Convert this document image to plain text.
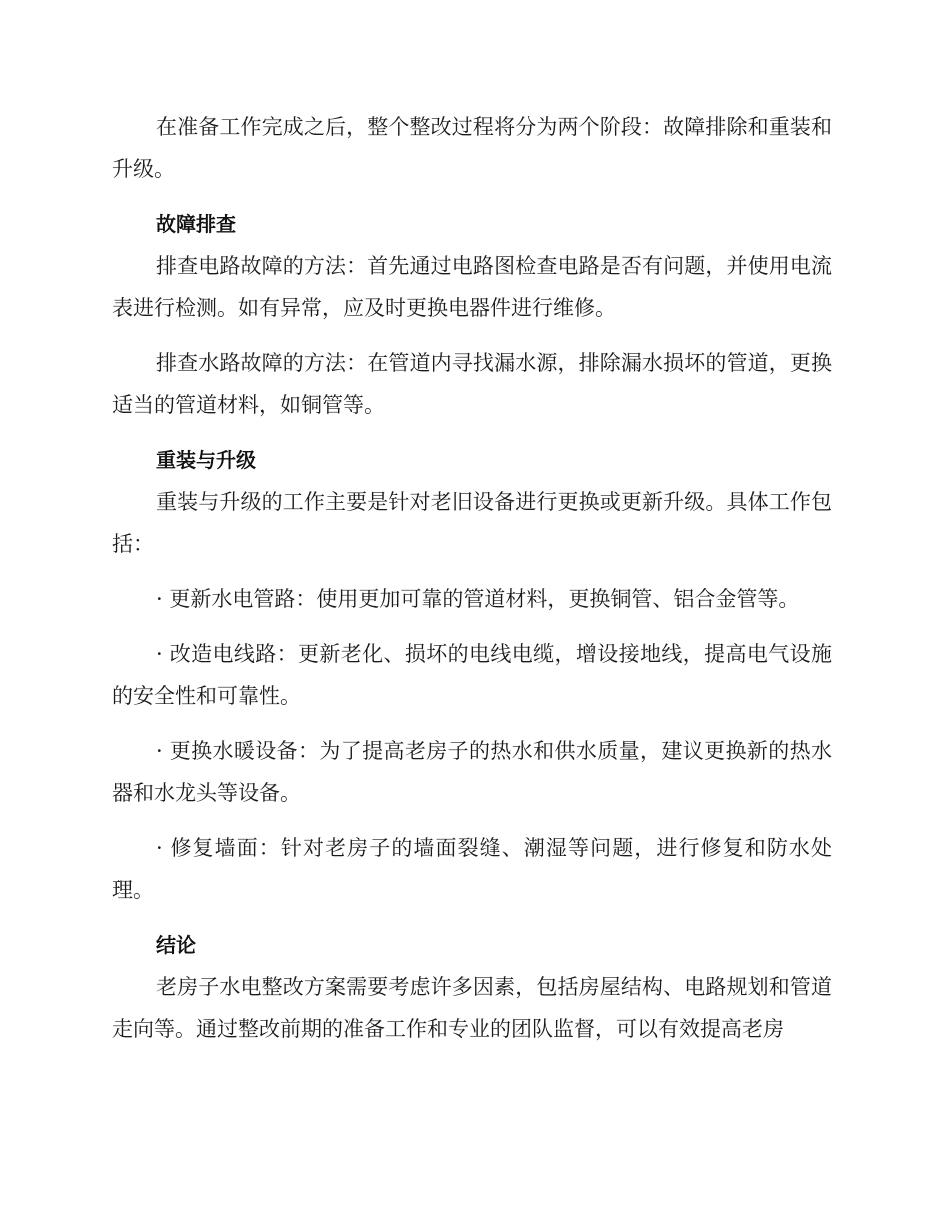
在准备工作完成之后，整个整改过程将分为两个阶段：故障排除和重装和升级。

故障排查

排查电路故障的方法：首先通过电路图检查电路是否有问题，并使用电流表进行检测。如有异常，应及时更换电器件进行维修。

排查水路故障的方法：在管道内寻找漏水源，排除漏水损坏的管道，更换适当的管道材料，如铜管等。

重装与升级

重装与升级的工作主要是针对老旧设备进行更换或更新升级。具体工作包括：

· 更新水电管路：使用更加可靠的管道材料，更换铜管、铝合金管等。

· 改造电线路：更新老化、损坏的电线电缆，增设接地线，提高电气设施的安全性和可靠性。

· 更换水暖设备：为了提高老房子的热水和供水质量，建议更换新的热水器和水龙头等设备。

· 修复墙面：针对老房子的墙面裂缝、潮湿等问题，进行修复和防水处理。

结论

老房子水电整改方案需要考虑许多因素，包括房屋结构、电路规划和管道走向等。通过整改前期的准备工作和专业的团队监督，可以有效提高老房
